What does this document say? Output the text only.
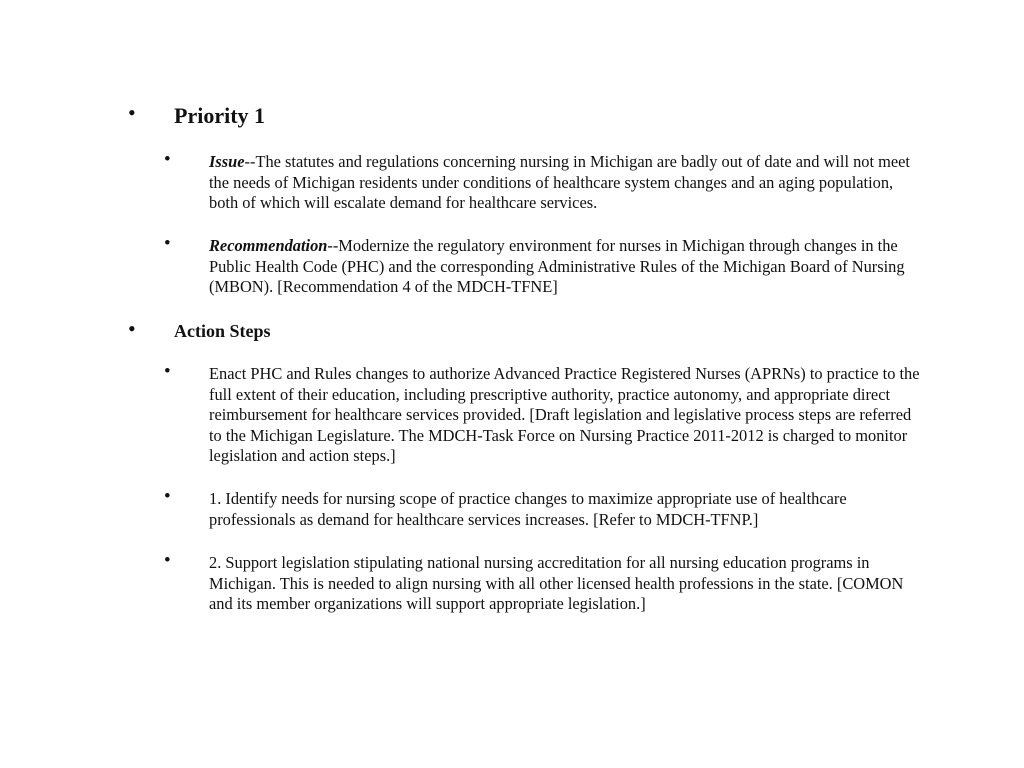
• Priority 1
• Issue--The statutes and regulations concerning nursing in Michigan are badly out of date and will not meet the needs of Michigan residents under conditions of healthcare system changes and an aging population, both of which will escalate demand for healthcare services.
• Recommendation--Modernize the regulatory environment for nurses in Michigan through changes in the Public Health Code (PHC) and the corresponding Administrative Rules of the Michigan Board of Nursing (MBON). [Recommendation 4 of the MDCH-TFNE]
• Action Steps
• Enact PHC and Rules changes to authorize Advanced Practice Registered Nurses (APRNs) to practice to the full extent of their education, including prescriptive authority, practice autonomy, and appropriate direct reimbursement for healthcare services provided. [Draft legislation and legislative process steps are referred to the Michigan Legislature. The MDCH-Task Force on Nursing Practice 2011-2012 is charged to monitor legislation and action steps.]
• 1. Identify needs for nursing scope of practice changes to maximize appropriate use of healthcare professionals as demand for healthcare services increases. [Refer to MDCH-TFNP.]
• 2. Support legislation stipulating national nursing accreditation for all nursing education programs in Michigan. This is needed to align nursing with all other licensed health professions in the state. [COMON and its member organizations will support appropriate legislation.]
